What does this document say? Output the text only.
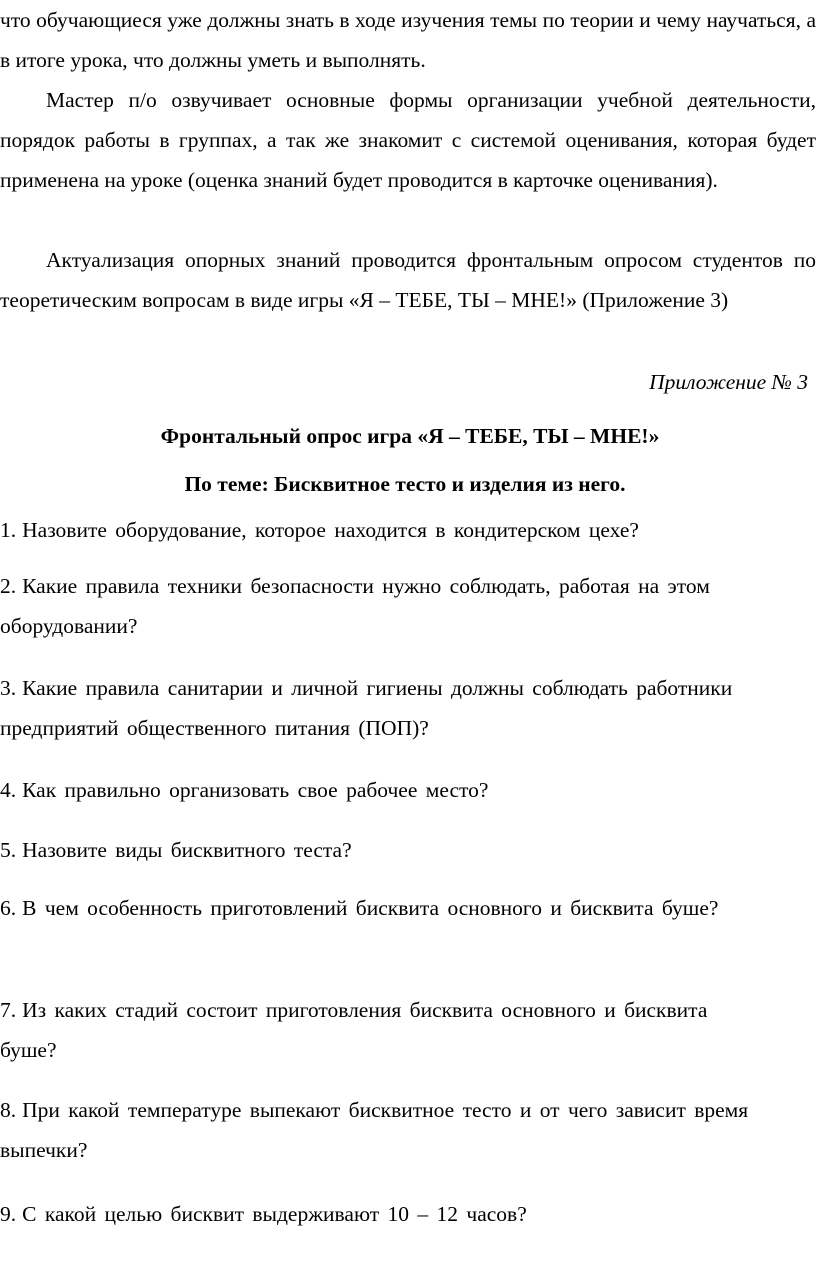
что обучающиеся уже должны знать в ходе изучения темы по теории и чему научаться, а в итоге урока, что должны уметь и выполнять.
Мастер п/о озвучивает основные формы организации учебной деятельности, порядок работы в группах, а так же знакомит с системой оценивания, которая будет применена на уроке (оценка знаний будет проводится в карточке оценивания).
Актуализация опорных знаний проводится фронтальным опросом студентов по теоретическим вопросам в виде игры «Я – ТЕБЕ, ТЫ – МНЕ!» (Приложение 3)
Приложение № 3
Фронтальный опрос игра «Я – ТЕБЕ, ТЫ – МНЕ!»
По теме: Бисквитное тесто и изделия из него.
1. Назовите оборудование, которое находится в кондитерском цехе?
2. Какие правила техники безопасности нужно соблюдать, работая на этом оборудовании?
3. Какие правила санитарии и личной гигиены должны соблюдать работники предприятий общественного питания (ПОП)?
4. Как правильно организовать свое рабочее место?
5. Назовите виды бисквитного теста?
6. В чем особенность приготовлений бисквита основного и бисквита буше?
7. Из каких стадий состоит приготовления бисквита основного и бисквита буше?
8. При какой температуре выпекают бисквитное тесто и от чего зависит время выпечки?
9. С какой целью бисквит выдерживают 10 – 12 часов?
